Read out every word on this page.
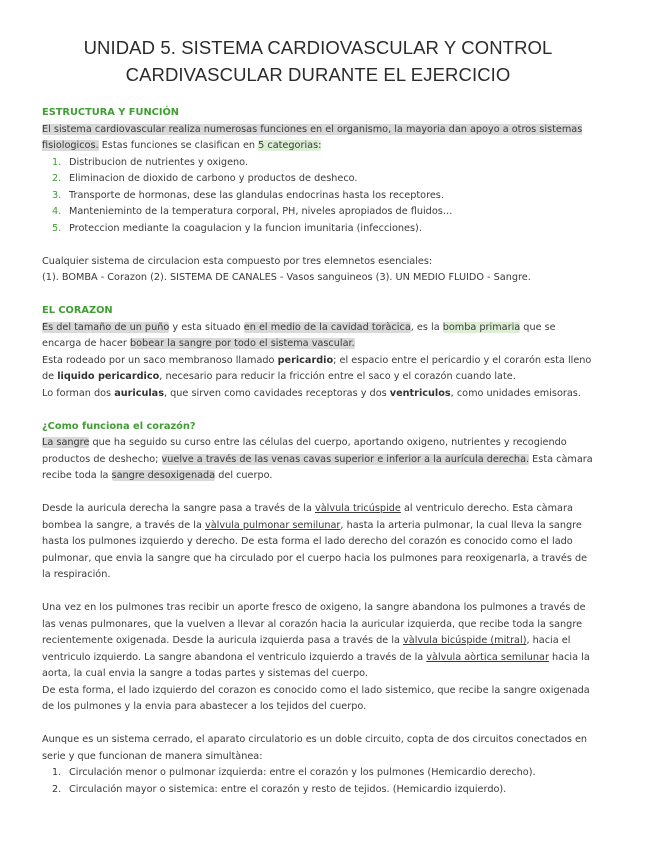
UNIDAD 5. SISTEMA CARDIOVASCULAR Y CONTROL
CARDIVASCULAR DURANTE EL EJERCICIO
ESTRUCTURA Y FUNCIÓN

El sistema cardiovascular realiza numerosas funciones en el organismo, la mayoria dan apoyo a otros sistemas fisiologicos. Estas funciones se clasifican en 5 categorias:

1. Distribucion de nutrientes y oxigeno.
2. Eliminacion de dioxido de carbono y productos de desheco.
3. Transporte de hormonas, dese las glandulas endocrinas hasta los receptores.
4. Mantenieminto de la temperatura corporal, PH, niveles apropiados de fluidos…
5. Proteccion mediante la coagulacion y la funcion imunitaria (infecciones).

Cualquier sistema de circulacion esta compuesto por tres elemnetos esenciales:

(1). BOMBA - Corazon (2). SISTEMA DE CANALES - Vasos sanguineos (3). UN MEDIO FLUIDO - Sangre.

EL CORAZON

Es del tamaño de un puño y esta situado en el medio de la cavidad toràcica, es la bomba primaria que se encarga de hacer bobear la sangre por todo el sistema vascular.

Esta rodeado por un saco membranoso llamado pericardio; el espacio entre el pericardio y el corarón esta lleno de liquido pericardico, necesario para reducir la fricción entre el saco y el corazón cuando late.

Lo forman dos auriculas, que sirven como cavidades receptoras y dos ventriculos, como unidades emisoras.

¿Como funciona el corazón?

La sangre que ha seguido su curso entre las células del cuerpo, aportando oxigeno, nutrientes y recogiendo productos de deshecho; vuelve a través de las venas cavas superior e inferior a la aurícula derecha. Esta càmara recibe toda la sangre desoxigenada del cuerpo.

Desde la auricula derecha la sangre pasa a través de la vàlvula tricúspide al ventriculo derecho. Esta càmara bombea la sangre, a través de la vàlvula pulmonar semilunar, hasta la arteria pulmonar, la cual lleva la sangre hasta los pulmones izquierdo y derecho. De esta forma el lado derecho del corazón es conocido como el lado pulmonar, que envia la sangre que ha circulado por el cuerpo hacia los pulmones para reoxigenarla, a través de la respiración.

Una vez en los pulmones tras recibir un aporte fresco de oxigeno, la sangre abandona los pulmones a través de las venas pulmonares, que la vuelven a llevar al corazón hacia la auricular izquierda, que recibe toda la sangre recientemente oxigenada. Desde la auricula izquierda pasa a través de la vàlvula bicúspide (mitral), hacia el ventriculo izquierdo. La sangre abandona el ventriculo izquierdo a través de la vàlvula aòrtica semilunar hacia la aorta, la cual envia la sangre a todas partes y sistemas del cuerpo.

De esta forma, el lado izquierdo del corazon es conocido como el lado sistemico, que recibe la sangre oxigenada de los pulmones y la envia para abastecer a los tejidos del cuerpo.

Aunque es un sistema cerrado, el aparato circulatorio es un doble circuito, copta de dos circuitos conectados en serie y que funcionan de manera simultànea:

1. Circulación menor o pulmonar izquierda: entre el corazón y los pulmones (Hemicardio derecho).
2. Circulación mayor o sistemica: entre el corazón y resto de tejidos. (Hemicardio izquierdo).
